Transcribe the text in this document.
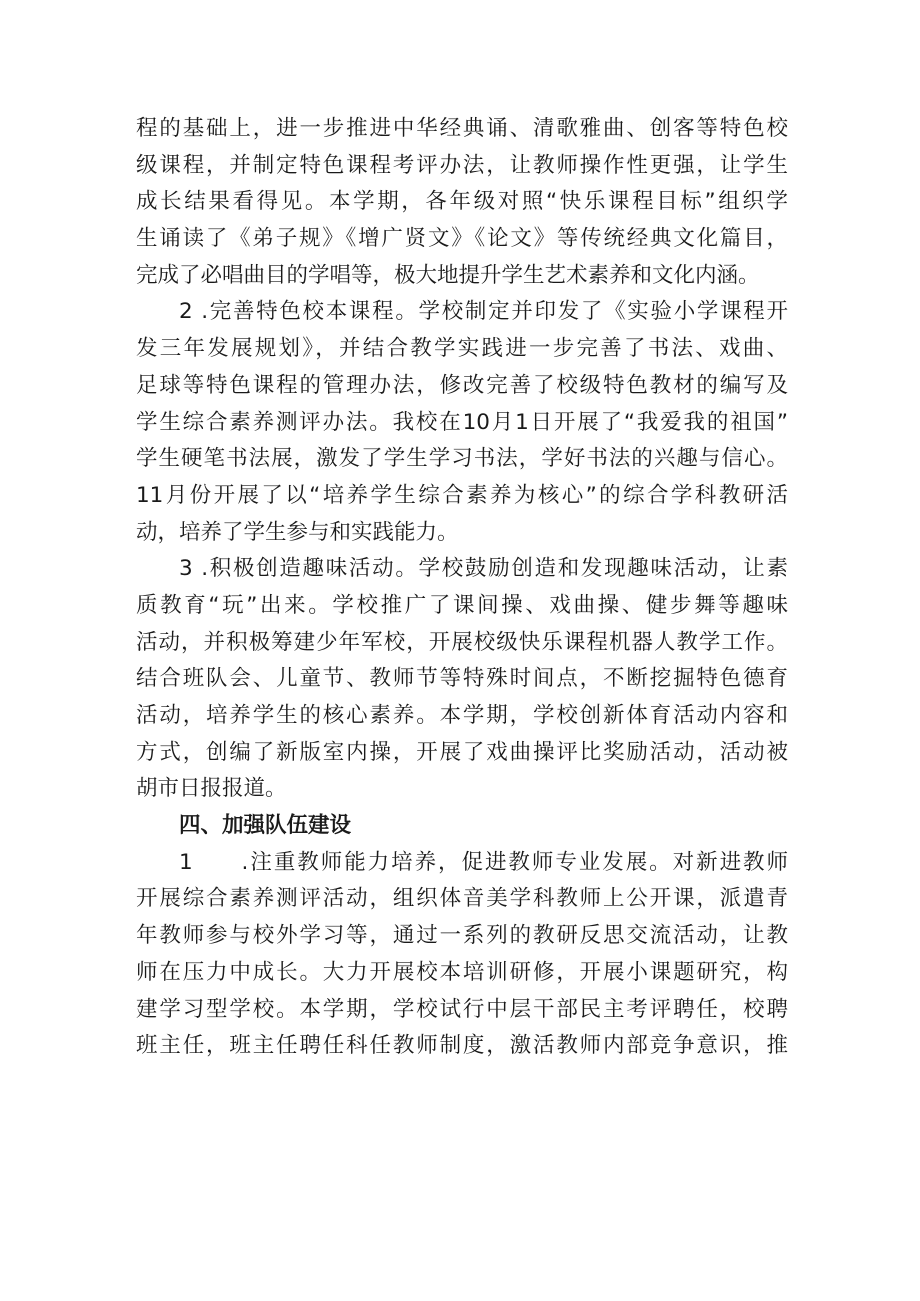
程的基础上，进一步推进中华经典诵、清歌雅曲、创客等特色校
级课程，并制定特色课程考评办法，让教师操作性更强，让学生
成长结果看得见。本学期，各年级对照“快乐课程目标”组织学
生诵读了《弟子规》《增广贤文》《论文》等传统经典文化篇目，
完成了必唱曲目的学唱等，极大地提升学生艺术素养和文化内涵。
2 .完善特色校本课程。学校制定并印发了《实验小学课程开
发三年发展规划》，并结合教学实践进一步完善了书法、戏曲、
足球等特色课程的管理办法，修改完善了校级特色教材的编写及
学生综合素养测评办法。我校在10月1日开展了“我爱我的祖国”
学生硬笔书法展，激发了学生学习书法，学好书法的兴趣与信心。
11月份开展了以“培养学生综合素养为核心”的综合学科教研活
动，培养了学生参与和实践能力。
3 .积极创造趣味活动。学校鼓励创造和发现趣味活动，让素
质教育“玩”出来。学校推广了课间操、戏曲操、健步舞等趣味
活动，并积极筹建少年军校，开展校级快乐课程机器人教学工作。
结合班队会、儿童节、教师节等特殊时间点，不断挖掘特色德育
活动，培养学生的核心素养。本学期，学校创新体育活动内容和
方式，创编了新版室内操，开展了戏曲操评比奖励活动，活动被
胡市日报报道。
四、加强队伍建设
1　　.注重教师能力培养，促进教师专业发展。对新进教师
开展综合素养测评活动，组织体音美学科教师上公开课，派遣青
年教师参与校外学习等，通过一系列的教研反思交流活动，让教
师在压力中成长。大力开展校本培训研修，开展小课题研究，构
建学习型学校。本学期，学校试行中层干部民主考评聘任，校聘
班主任，班主任聘任科任教师制度，激活教师内部竞争意识，推
